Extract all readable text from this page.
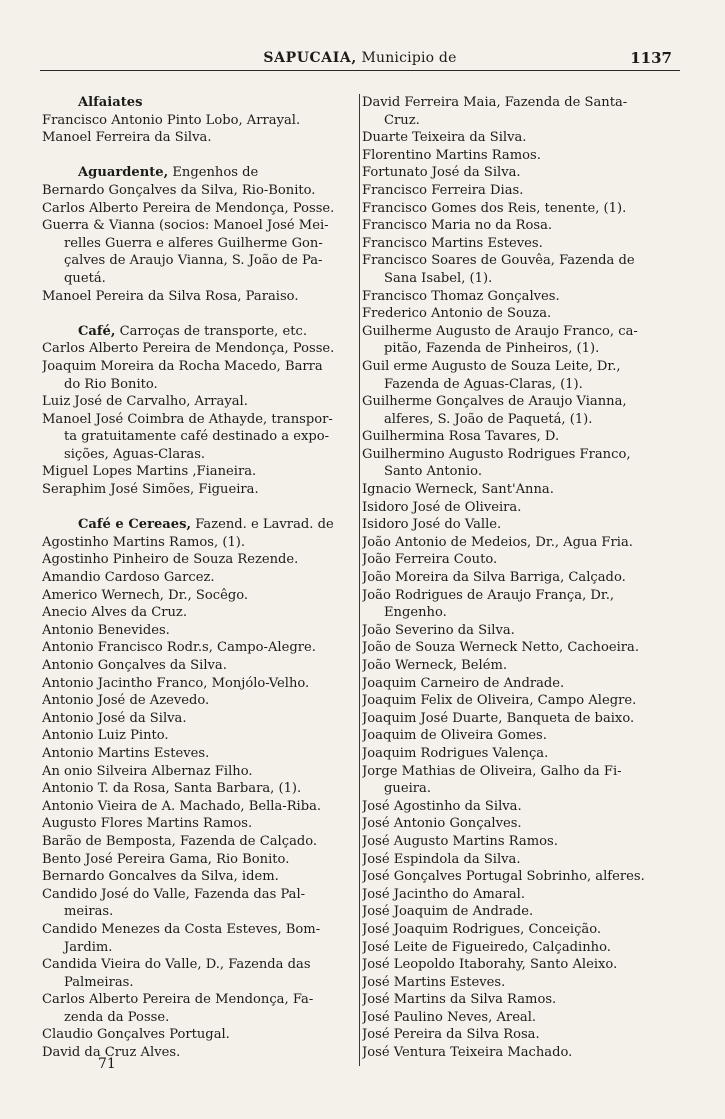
SAPUCAIA, Municipio de	1137
Alfaiates
Francisco Antonio Pinto Lobo, Arrayal.
Manoel Ferreira da Silva.
Aguardente, Engenhos de
Bernardo Gonçalves da Silva, Rio-Bonito.
Carlos Alberto Pereira de Mendonça, Posse.
Guerra & Vianna (socios: Manoel José Mei-
relles Guerra e alferes Guilherme Gon-
çalves de Araujo Vianna, S. João de Pa-
quetá.
Manoel Pereira da Silva Rosa, Paraiso.
Café, Carroças de transporte, etc.
Carlos Alberto Pereira de Mendonça, Posse.
Joaquim Moreira da Rocha Macedo, Barra
do Rio Bonito.
Luiz José de Carvalho, Arrayal.
Manoel José Coimbra de Athayde, transpor-
ta gratuitamente café destinado a expo-
sições, Aguas-Claras.
Miguel Lopes Martins ,Fianeira.
Seraphim José Simões, Figueira.
Café e Cereaes, Fazend. e Lavrad. de
Agostinho Martins Ramos, (1).
Agostinho Pinheiro de Souza Rezende.
Amandio Cardoso Garcez.
Americo Wernech, Dr., Socêgo.
Anecio Alves da Cruz.
Antonio Benevides.
Antonio Francisco Rodr.s, Campo-Alegre.
Antonio Gonçalves da Silva.
Antonio Jacintho Franco, Monjólo-Velho.
Antonio José de Azevedo.
Antonio José da Silva.
Antonio Luiz Pinto.
Antonio Martins Esteves.
An onio Silveira Albernaz Filho.
Antonio T. da Rosa, Santa Barbara, (1).
Antonio Vieira de A. Machado, Bella-Riba.
Augusto Flores Martins Ramos.
Barão de Bemposta, Fazenda de Calçado.
Bento José Pereira Gama, Rio Bonito.
Bernardo Goncalves da Silva, idem.
Candido José do Valle, Fazenda das Pal-
meiras.
Candido Menezes da Costa Esteves, Bom-
Jardim.
Candida Vieira do Valle, D., Fazenda das
Palmeiras.
Carlos Alberto Pereira de Mendonça, Fa-
zenda da Posse.
Claudio Gonçalves Portugal.
David da Cruz Alves.
David Ferreira Maia, Fazenda de Santa-
Cruz.
Duarte Teixeira da Silva.
Florentino Martins Ramos.
Fortunato José da Silva.
Francisco Ferreira Dias.
Francisco Gomes dos Reis, tenente, (1).
Francisco Maria no da Rosa.
Francisco Martins Esteves.
Francisco Soares de Gouvêa, Fazenda de
Sana Isabel, (1).
Francisco Thomaz Gonçalves.
Frederico Antonio de Souza.
Guilherme Augusto de Araujo Franco, ca-
pitão, Fazenda de Pinheiros, (1).
Guil erme Augusto de Souza Leite, Dr.,
Fazenda de Aguas-Claras, (1).
Guilherme Gonçalves de Araujo Vianna,
alferes, S. João de Paquetá, (1).
Guilhermina Rosa Tavares, D.
Guilhermino Augusto Rodrigues Franco,
Santo Antonio.
Ignacio Werneck, Sant'Anna.
Isidoro José de Oliveira.
Isidoro José do Valle.
João Antonio de Medeios, Dr., Agua Fria.
João Ferreira Couto.
João Moreira da Silva Barriga, Calçado.
João Rodrigues de Araujo França, Dr.,
Engenho.
João Severino da Silva.
João de Souza Werneck Netto, Cachoeira.
João Werneck, Belém.
Joaquim Carneiro de Andrade.
Joaquim Felix de Oliveira, Campo Alegre.
Joaquim José Duarte, Banqueta de baixo.
Joaquim de Oliveira Gomes.
Joaquim Rodrigues Valença.
Jorge Mathias de Oliveira, Galho da Fi-
gueira.
José Agostinho da Silva.
José Antonio Gonçalves.
José Augusto Martins Ramos.
José Espindola da Silva.
José Gonçalves Portugal Sobrinho, alferes.
José Jacintho do Amaral.
José Joaquim de Andrade.
José Joaquim Rodrigues, Conceição.
José Leite de Figueiredo, Calçadinho.
José Leopoldo Itaborahy, Santo Aleixo.
José Martins Esteves.
José Martins da Silva Ramos.
José Paulino Neves, Areal.
José Pereira da Silva Rosa.
José Ventura Teixeira Machado.
71
